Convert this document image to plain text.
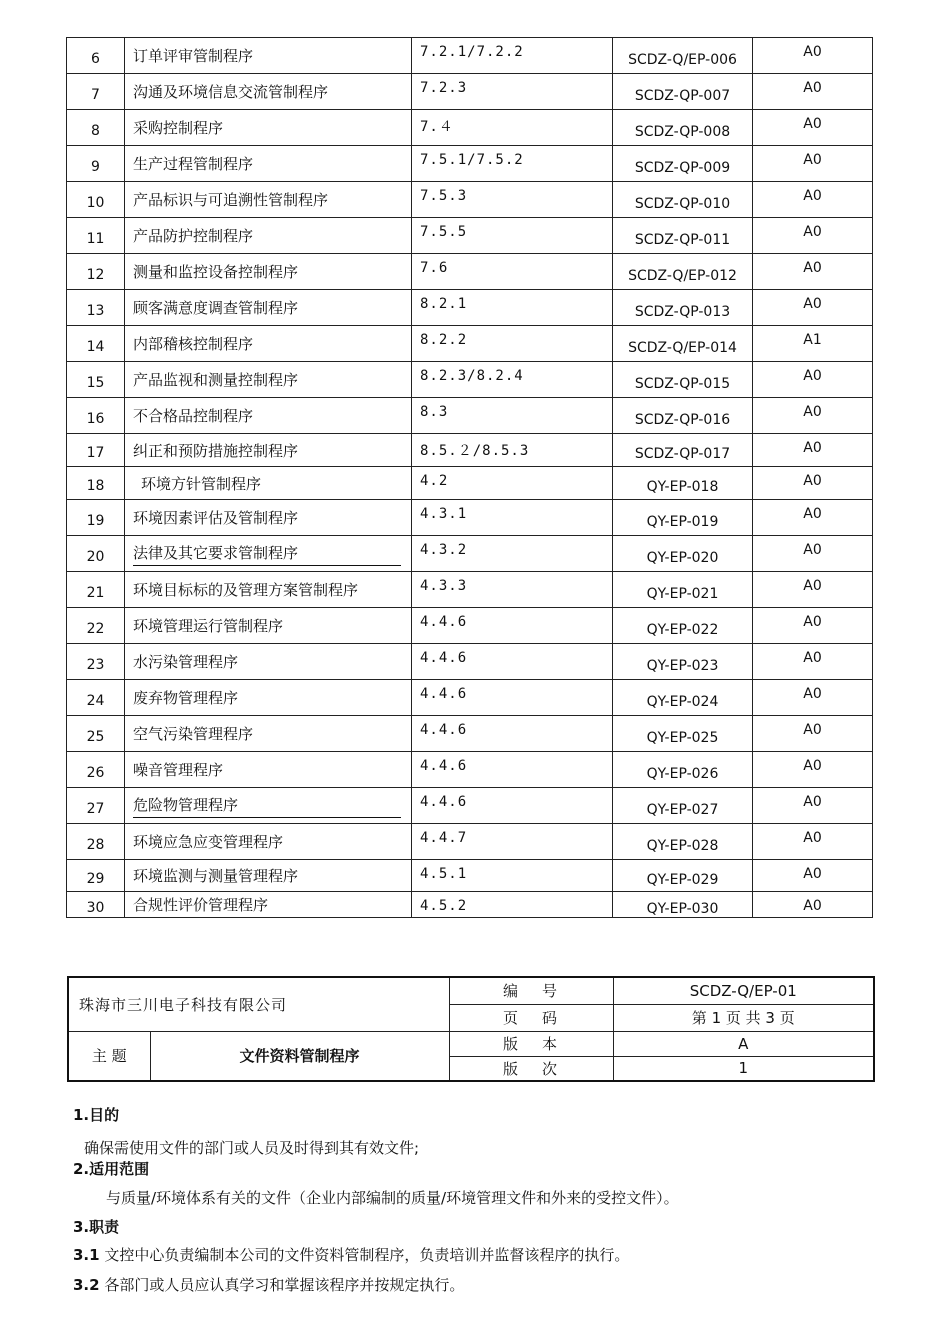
6	订单评审管制程序	7.2.1/7.2.2	SCDZ-Q/EP-006	A0
7	沟通及环境信息交流管制程序	7.2.3	SCDZ-QP-007	A0
8	采购控制程序	7.４	SCDZ-QP-008	A0
9	生产过程管制程序	7.5.1/7.5.2	SCDZ-QP-009	A0
10	产品标识与可追溯性管制程序	7.5.3	SCDZ-QP-010	A0
11	产品防护控制程序	7.5.5	SCDZ-QP-011	A0
12	测量和监控设备控制程序	7.6	SCDZ-Q/EP-012	A0
13	顾客满意度调查管制程序	8.2.1	SCDZ-QP-013	A0
14	内部稽核控制程序	8.2.2	SCDZ-Q/EP-014	A1
15	产品监视和测量控制程序	8.2.3/8.2.4	SCDZ-QP-015	A0
16	不合格品控制程序	8.3	SCDZ-QP-016	A0
17	纠正和预防措施控制程序	8.5.２/8.5.3	SCDZ-QP-017	A0
18	环境方针管制程序	4.2	QY-EP-018	A0
19	环境因素评估及管制程序	4.3.1	QY-EP-019	A0
20	法律及其它要求管制程序	4.3.2	QY-EP-020	A0
21	环境目标标的及管理方案管制程序	4.3.3	QY-EP-021	A0
22	环境管理运行管制程序	4.4.6	QY-EP-022	A0
23	水污染管理程序	4.4.6	QY-EP-023	A0
24	废弃物管理程序	4.4.6	QY-EP-024	A0
25	空气污染管理程序	4.4.6	QY-EP-025	A0
26	噪音管理程序	4.4.6	QY-EP-026	A0
27	危险物管理程序	4.4.6	QY-EP-027	A0
28	环境应急应变管理程序	4.4.7	QY-EP-028	A0
29	环境监测与测量管理程序	4.5.1	QY-EP-029	A0
30	合规性评价管理程序	4.5.2	QY-EP-030	A0
珠海市三川电子科技有限公司		编 号	SCDZ-Q/EP-01
		页 码	第 1 页 共 3 页
主 题	文件资料管制程序	版 本	A
		版 次	1
1.目的
确保需使用文件的部门或人员及时得到其有效文件;
2.适用范围
与质量/环境体系有关的文件（企业内部编制的质量/环境管理文件和外来的受控文件）。
3.职责
3.1 文控中心负责编制本公司的文件资料管制程序，负责培训并监督该程序的执行。
3.2 各部门或人员应认真学习和掌握该程序并按规定执行。
